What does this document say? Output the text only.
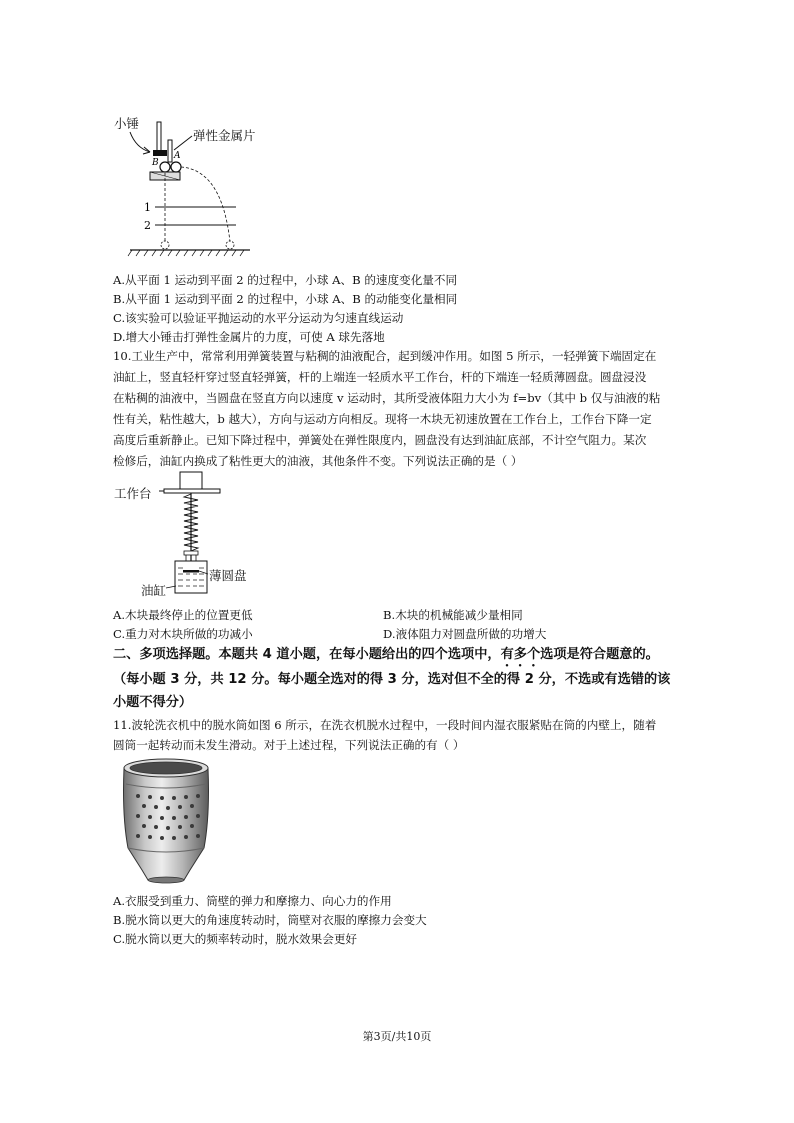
小锤
弹性金属片
B
A
1
2
A.从平面 1 运动到平面 2 的过程中，小球 A、B 的速度变化量不同
B.从平面 1 运动到平面 2 的过程中，小球 A、B 的动能变化量相同
C.该实验可以验证平抛运动的水平分运动为匀速直线运动
D.增大小锤击打弹性金属片的力度，可使 A 球先落地
10.工业生产中，常常利用弹簧装置与粘稠的油液配合，起到缓冲作用。如图 5 所示，一轻弹簧下端固定在
油缸上，竖直轻杆穿过竖直轻弹簧，杆的上端连一轻质水平工作台，杆的下端连一轻质薄圆盘。圆盘浸没
在粘稠的油液中，当圆盘在竖直方向以速度 v 运动时，其所受液体阻力大小为 f=bv（其中 b 仅与油液的粘
性有关，粘性越大，b 越大），方向与运动方向相反。现将一木块无初速放置在工作台上，工作台下降一定
高度后重新静止。已知下降过程中，弹簧处在弹性限度内，圆盘没有达到油缸底部，不计空气阻力。某次
检修后，油缸内换成了粘性更大的油液，其他条件不变。下列说法正确的是（ ）
工作台
薄圆盘
油缸
A.木块最终停止的位置更低	B.木块的机械能减少量相同
C.重力对木块所做的功减小	D.液体阻力对圆盘所做的功增大
二、多项选择题。本题共 4 道小题，在每小题给出的四个选项中，有多个选项是符合题意的。
（每小题 3 分，共 12 分。每小题全选对的得 3 分，选对但不全的得 2 分，不选或有选错的该
小题不得分）
11.波轮洗衣机中的脱水筒如图 6 所示，在洗衣机脱水过程中，一段时间内湿衣服紧贴在筒的内壁上，随着
圆筒一起转动而未发生滑动。对于上述过程，下列说法正确的有（ ）
A.衣服受到重力、筒壁的弹力和摩擦力、向心力的作用
B.脱水筒以更大的角速度转动时，筒壁对衣服的摩擦力会变大
C.脱水筒以更大的频率转动时，脱水效果会更好
第3页/共10页
